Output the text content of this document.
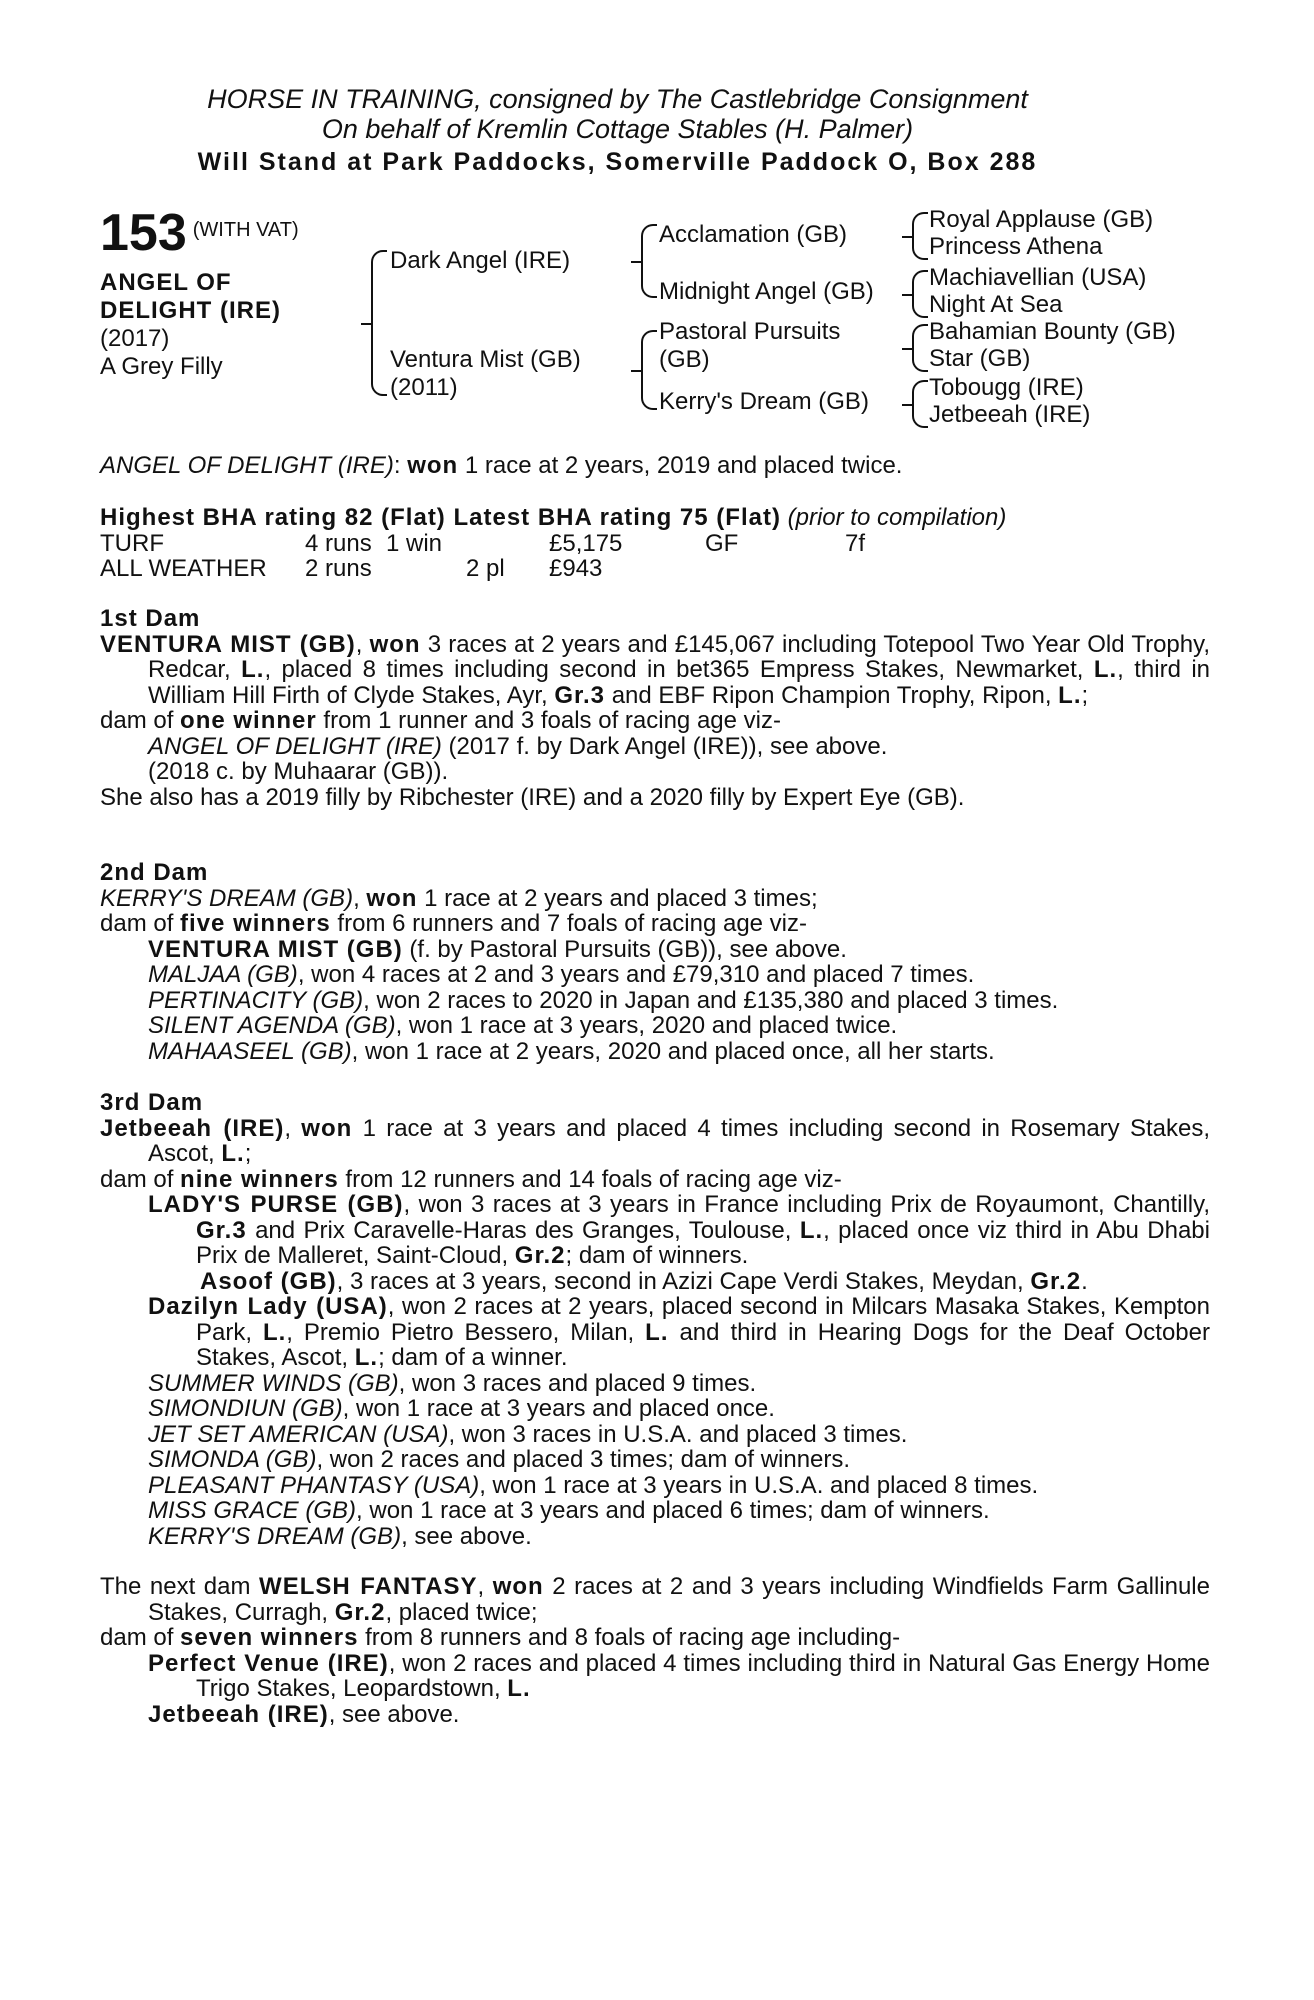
HORSE IN TRAINING, consigned by The Castlebridge Consignment
On behalf of Kremlin Cottage Stables (H. Palmer)
Will Stand at Park Paddocks, Somerville Paddock O, Box 288
153 (WITH VAT)
ANGEL OF
DELIGHT (IRE)
(2017)
A Grey Filly
Dark Angel (IRE)
Ventura Mist (GB)
(2011)
Acclamation (GB)
Midnight Angel (GB)
Pastoral Pursuits
(GB)
Kerry's Dream (GB)
Royal Applause (GB)
Princess Athena
Machiavellian (USA)
Night At Sea
Bahamian Bounty (GB)
Star (GB)
Tobougg (IRE)
Jetbeeah (IRE)

ANGEL OF DELIGHT (IRE): won 1 race at 2 years, 2019 and placed twice.

Highest BHA rating 82 (Flat) Latest BHA rating 75 (Flat) (prior to compilation)

TURF	4 runs 1 win	£5,175	GF	7f
ALL WEATHER 2 runs	2 pl £943

1st Dam

VENTURA MIST (GB), won 3 races at 2 years and £145,067 including Totepool Two Year Old Trophy, Redcar, L., placed 8 times including second in bet365 Empress Stakes, Newmarket, L., third in William Hill Firth of Clyde Stakes, Ayr, Gr.3 and EBF Ripon Champion Trophy, Ripon, L.;

dam of one winner from 1 runner and 3 foals of racing age viz-

ANGEL OF DELIGHT (IRE) (2017 f. by Dark Angel (IRE)), see above.

(2018 c. by Muhaarar (GB)).

She also has a 2019 filly by Ribchester (IRE) and a 2020 filly by Expert Eye (GB).

2nd Dam

KERRY'S DREAM (GB), won 1 race at 2 years and placed 3 times;

dam of five winners from 6 runners and 7 foals of racing age viz-

VENTURA MIST (GB) (f. by Pastoral Pursuits (GB)), see above.

MALJAA (GB), won 4 races at 2 and 3 years and £79,310 and placed 7 times.

PERTINACITY (GB), won 2 races to 2020 in Japan and £135,380 and placed 3 times.

SILENT AGENDA (GB), won 1 race at 3 years, 2020 and placed twice.

MAHAASEEL (GB), won 1 race at 2 years, 2020 and placed once, all her starts.

3rd Dam

Jetbeeah (IRE), won 1 race at 3 years and placed 4 times including second in Rosemary Stakes, Ascot, L.;

dam of nine winners from 12 runners and 14 foals of racing age viz-

LADY'S PURSE (GB), won 3 races at 3 years in France including Prix de Royaumont, Chantilly, Gr.3 and Prix Caravelle-Haras des Granges, Toulouse, L., placed once viz third in Abu Dhabi Prix de Malleret, Saint-Cloud, Gr.2; dam of winners.

Asoof (GB), 3 races at 3 years, second in Azizi Cape Verdi Stakes, Meydan, Gr.2.

Dazilyn Lady (USA), won 2 races at 2 years, placed second in Milcars Masaka Stakes, Kempton Park, L., Premio Pietro Bessero, Milan, L. and third in Hearing Dogs for the Deaf October Stakes, Ascot, L.; dam of a winner.

SUMMER WINDS (GB), won 3 races and placed 9 times.

SIMONDIUN (GB), won 1 race at 3 years and placed once.

JET SET AMERICAN (USA), won 3 races in U.S.A. and placed 3 times.

SIMONDA (GB), won 2 races and placed 3 times; dam of winners.

PLEASANT PHANTASY (USA), won 1 race at 3 years in U.S.A. and placed 8 times.

MISS GRACE (GB), won 1 race at 3 years and placed 6 times; dam of winners.

KERRY'S DREAM (GB), see above.

The next dam WELSH FANTASY, won 2 races at 2 and 3 years including Windfields Farm Gallinule Stakes, Curragh, Gr.2, placed twice;

dam of seven winners from 8 runners and 8 foals of racing age including-

Perfect Venue (IRE), won 2 races and placed 4 times including third in Natural Gas Energy Home Trigo Stakes, Leopardstown, L.

Jetbeeah (IRE), see above.
